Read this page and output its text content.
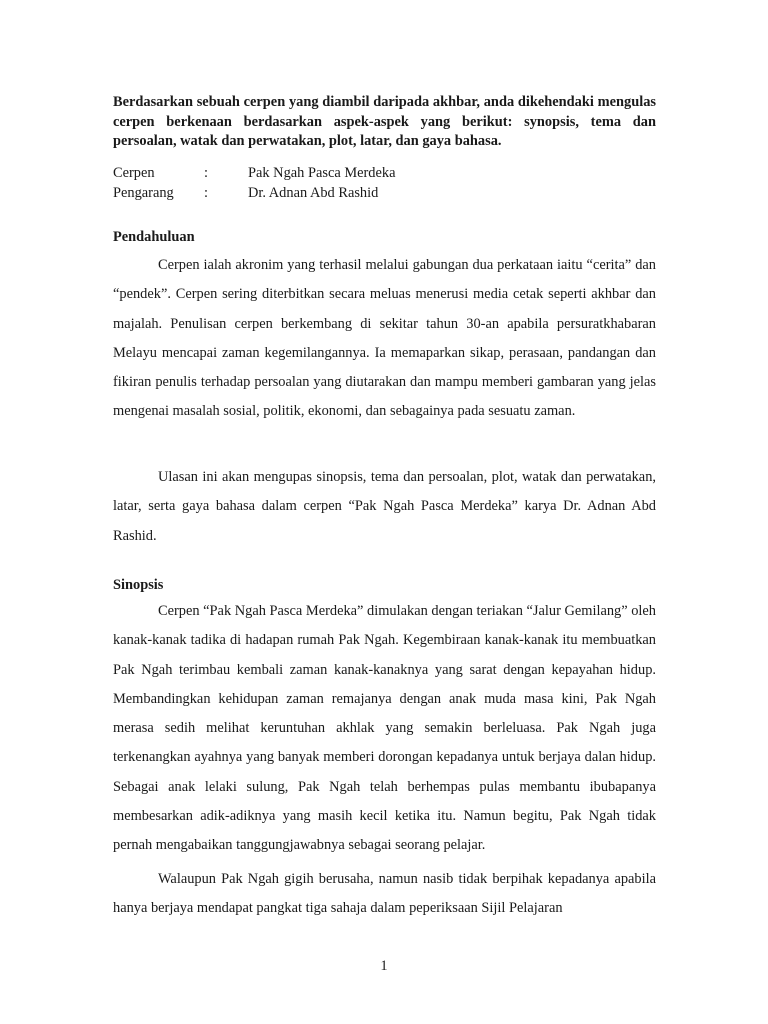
Berdasarkan sebuah cerpen yang diambil daripada akhbar, anda dikehendaki mengulas cerpen berkenaan berdasarkan aspek-aspek yang berikut: synopsis, tema dan persoalan, watak dan perwatakan, plot, latar, dan gaya bahasa.
Cerpen	:	Pak Ngah Pasca Merdeka
Pengarang	:	Dr. Adnan Abd Rashid
Pendahuluan
Cerpen ialah akronim yang terhasil melalui gabungan dua perkataan iaitu “cerita” dan “pendek”. Cerpen sering diterbitkan secara meluas menerusi media cetak seperti akhbar dan majalah. Penulisan cerpen berkembang di sekitar tahun 30-an apabila persuratkhabaran Melayu mencapai zaman kegemilangannya. Ia memaparkan sikap, perasaan, pandangan dan fikiran penulis terhadap persoalan yang diutarakan dan mampu memberi gambaran yang jelas mengenai masalah sosial, politik, ekonomi, dan sebagainya pada sesuatu zaman.
Ulasan ini akan mengupas sinopsis, tema dan persoalan, plot, watak dan perwatakan, latar, serta gaya bahasa dalam cerpen “Pak Ngah Pasca Merdeka” karya Dr. Adnan Abd Rashid.
Sinopsis
Cerpen “Pak Ngah Pasca Merdeka” dimulakan dengan teriakan “Jalur Gemilang” oleh kanak-kanak tadika di hadapan rumah Pak Ngah. Kegembiraan kanak-kanak itu membuatkan Pak Ngah terimbau kembali zaman kanak-kanaknya yang sarat dengan kepayahan hidup. Membandingkan kehidupan zaman remajanya dengan anak muda masa kini, Pak Ngah merasa sedih melihat keruntuhan akhlak yang semakin berleluasa. Pak Ngah juga terkenangkan ayahnya yang banyak memberi dorongan kepadanya untuk berjaya dalan hidup. Sebagai anak lelaki sulung, Pak Ngah telah berhempas pulas membantu ibubapanya membesarkan adik-adiknya yang masih kecil ketika itu. Namun begitu, Pak Ngah tidak pernah mengabaikan tanggungjawabnya sebagai seorang pelajar.
Walaupun Pak Ngah gigih berusaha, namun nasib tidak berpihak kepadanya apabila hanya berjaya mendapat pangkat tiga sahaja dalam peperiksaan Sijil Pelajaran
1
